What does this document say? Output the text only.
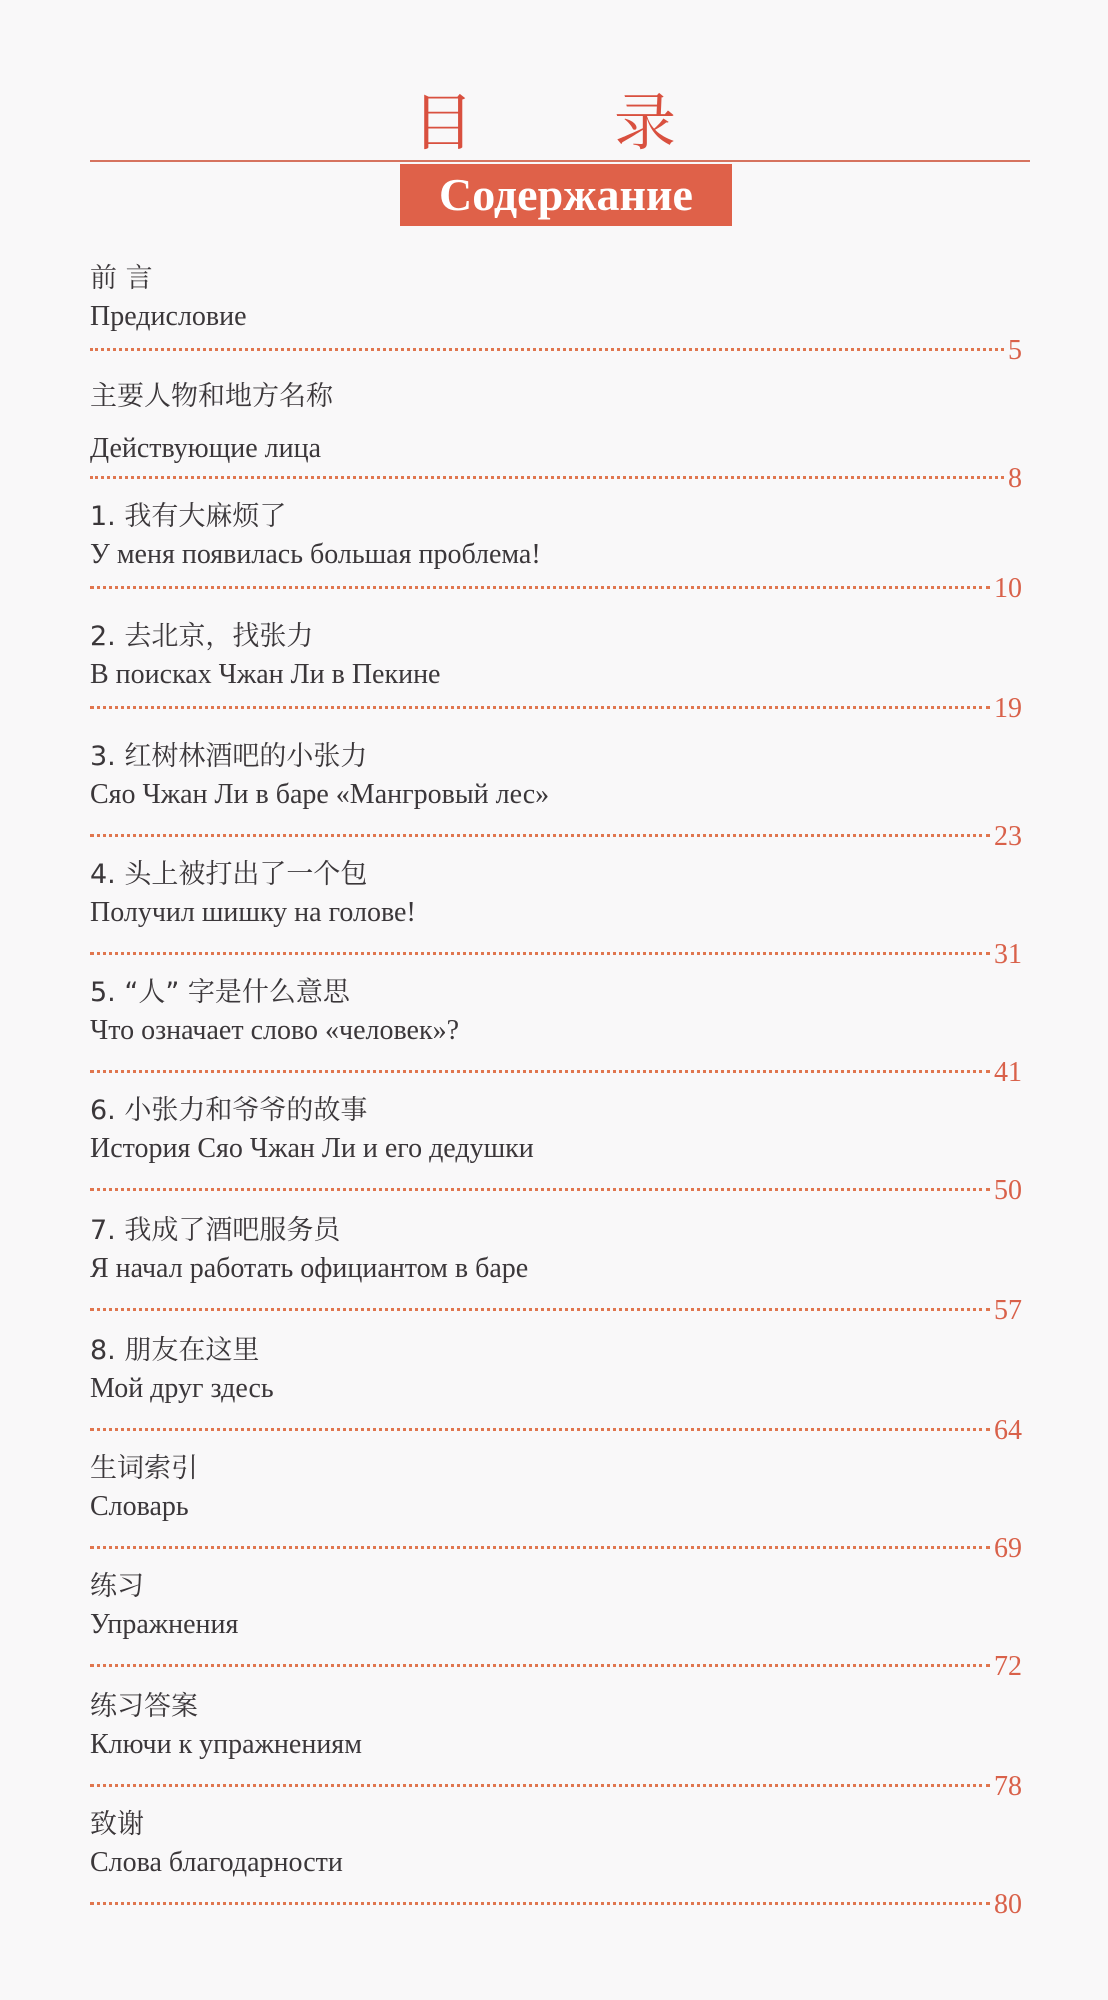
目 录
Содержание
前 言
Предисловие
5
主要人物和地方名称
Действующие лица
8
1. 我有大麻烦了
У меня появилась большая проблема!
10
2. 去北京，找张力
В поисках Чжан Ли в Пекине
19
3. 红树林酒吧的小张力
Сяо Чжан Ли в баре «Мангровый лес»
23
4. 头上被打出了一个包
Получил шишку на голове!
31
5. “人” 字是什么意思
Что означает слово «человек»?
41
6. 小张力和爷爷的故事
История Сяо Чжан Ли и его дедушки
50
7. 我成了酒吧服务员
Я начал работать официантом в баре
57
8. 朋友在这里
Мой друг здесь
64
生词索引
Словарь
69
练习
Упражнения
72
练习答案
Ключи к упражнениям
78
致谢
Слова благодарности
80
